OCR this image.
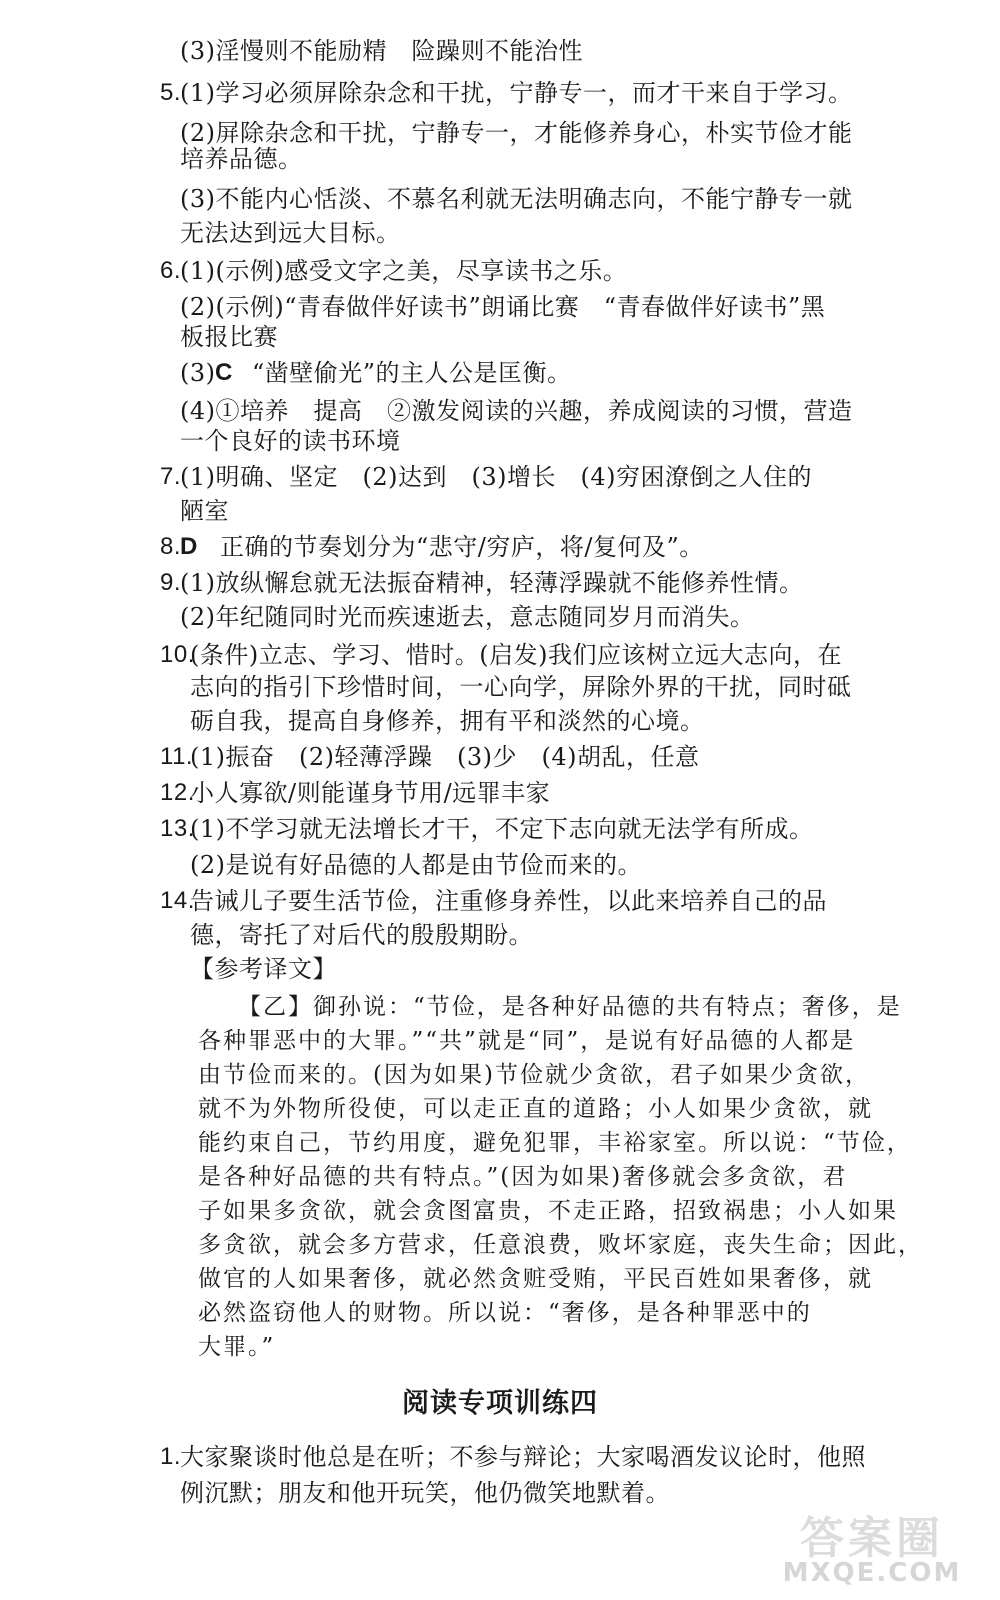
(3)淫慢则不能励精　险躁则不能治性
5.
(1)学习必须屏除杂念和干扰，宁静专一，而才干来自于学习。
(2)屏除杂念和干扰，宁静专一，才能修养身心，朴实节俭才能
培养品德。
(3)不能内心恬淡、不慕名利就无法明确志向，不能宁静专一就
无法达到远大目标。
6.
(1)(示例)感受文字之美，尽享读书之乐。
(2)(示例)“青春做伴好读书”朗诵比赛　“青春做伴好读书”黑
板报比赛
(3) C “凿壁偷光”的主人公是匡衡。
(4)①培养　提高　②激发阅读的兴趣，养成阅读的习惯，营造
一个良好的读书环境
7.
(1)明确、坚定　(2)达到　(3)增长　(4)穷困潦倒之人住的
陋室
8.
D 正确的节奏划分为“悲守/穷庐，将/复何及”。
9.
(1)放纵懈怠就无法振奋精神，轻薄浮躁就不能修养性情。
(2)年纪随同时光而疾速逝去，意志随同岁月而消失。
10.
(条件)立志、学习、惜时。(启发)我们应该树立远大志向，在
志向的指引下珍惜时间，一心向学，屏除外界的干扰，同时砥
砺自我，提高自身修养，拥有平和淡然的心境。
11.
(1)振奋　(2)轻薄浮躁　(3)少　(4)胡乱，任意
12.
小人寡欲/则能谨身节用/远罪丰家
13.
(1)不学习就无法增长才干，不定下志向就无法学有所成。
(2)是说有好品德的人都是由节俭而来的。
14.
告诫儿子要生活节俭，注重修身养性，以此来培养自己的品
德，寄托了对后代的殷殷期盼。
【参考译文】
【乙】御孙说：“节俭，是各种好品德的共有特点；奢侈，是
各种罪恶中的大罪。”“共”就是“同”，是说有好品德的人都是
由节俭而来的。(因为如果)节俭就少贪欲，君子如果少贪欲，
就不为外物所役使，可以走正直的道路；小人如果少贪欲，就
能约束自己，节约用度，避免犯罪，丰裕家室。所以说：“节俭，
是各种好品德的共有特点。”(因为如果)奢侈就会多贪欲，君
子如果多贪欲，就会贪图富贵，不走正路，招致祸患；小人如果
多贪欲，就会多方营求，任意浪费，败坏家庭，丧失生命；因此，
做官的人如果奢侈，就必然贪赃受贿，平民百姓如果奢侈，就
必然盗窃他人的财物。所以说：“奢侈，是各种罪恶中的
大罪。”
阅读专项训练四
1.
大家聚谈时他总是在听；不参与辩论；大家喝酒发议论时，他照
例沉默；朋友和他开玩笑，他仍微笑地默着。
答案圈
MXQE.COM
